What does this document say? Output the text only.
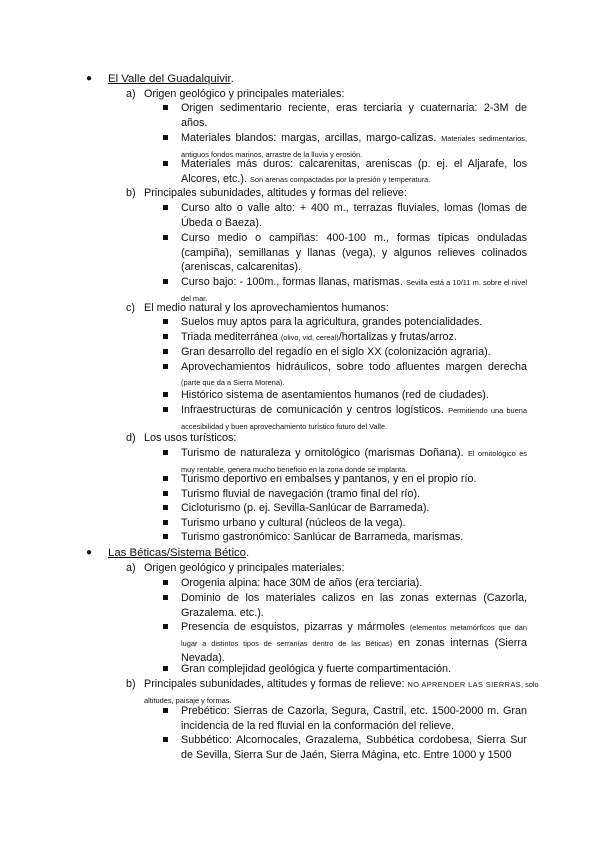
● El Valle del Guadalquivir.
a) Origen geológico y principales materiales:
Origen sedimentario reciente, eras terciaria y cuaternaria: 2-3M de años.
Materiales blandos: margas, arcillas, margo-calizas. Materiales sedimentarios, antiguos fondos marinos, arrastre de la lluvia y erosión.
Materiales más duros: calcarenitas, areniscas (p. ej. el Aljarafe, los Alcores, etc.). Son arenas compactadas por la presión y temperatura.
b) Principales subunidades, altitudes y formas del relieve:
Curso alto o valle alto: + 400 m., terrazas fluviales, lomas (lomas de Úbeda o Baeza).
Curso medio o campiñas: 400-100 m., formas típicas onduladas (campiña), semillanas y llanas (vega), y algunos relieves colinados (areniscas, calcarenitas).
Curso bajo: - 100m., formas llanas, marismas. Sevilla está a 10/11 m. sobre el nivel del mar.
c) El medio natural y los aprovechamientos humanos:
Suelos muy aptos para la agricultura, grandes potencialidades.
Triada mediterránea (olivo, vid, cereal)/hortalizas y frutas/arroz.
Gran desarrollo del regadío en el siglo XX (colonización agraria).
Aprovechamientos hidráulicos, sobre todo afluentes margen derecha (parte que da a Sierra Morena).
Histórico sistema de asentamientos humanos (red de ciudades).
Infraestructuras de comunicación y centros logísticos. Permitiendo una buena accesibilidad y buen aprovechamiento turístico futuro del Valle.
d) Los usos turísticos:
Turismo de naturaleza y ornitológico (marismas Doñana). El ornitológico es muy rentable, genera mucho beneficio en la zona donde se implanta.
Turismo deportivo en embalses y pantanos, y en el propio río.
Turismo fluvial de navegación (tramo final del río).
Cicloturismo (p. ej. Sevilla-Sanlúcar de Barrameda).
Turismo urbano y cultural (núcleos de la vega).
Turismo gastronómico: Sanlúcar de Barrameda, marismas.
● Las Béticas/Sistema Bético.
a) Origen geológico y principales materiales:
Orogenia alpina: hace 30M de años (era terciaria).
Dominio de los materiales calizos en las zonas externas (Cazorla, Grazalema. etc.).
Presencia de esquistos, pizarras y mármoles (elementos metamórficos que dan lugar a distintos tipos de serranías dentro de las Béticas) en zonas internas (Sierra Nevada).
Gran complejidad geológica y fuerte compartimentación.
b) Principales subunidades, altitudes y formas de relieve: NO APRENDER LAS SIERRAS, solo altitudes, paisaje y formas.
Prebético: Sierras de Cazorla, Segura, Castril, etc. 1500-2000 m. Gran incidencia de la red fluvial en la conformación del relieve.
Subbético: Alcornocales, Grazalema, Subbética cordobesa, Sierra Sur de Sevilla, Sierra Sur de Jaén, Sierra Mágina, etc. Entre 1000 y 1500
